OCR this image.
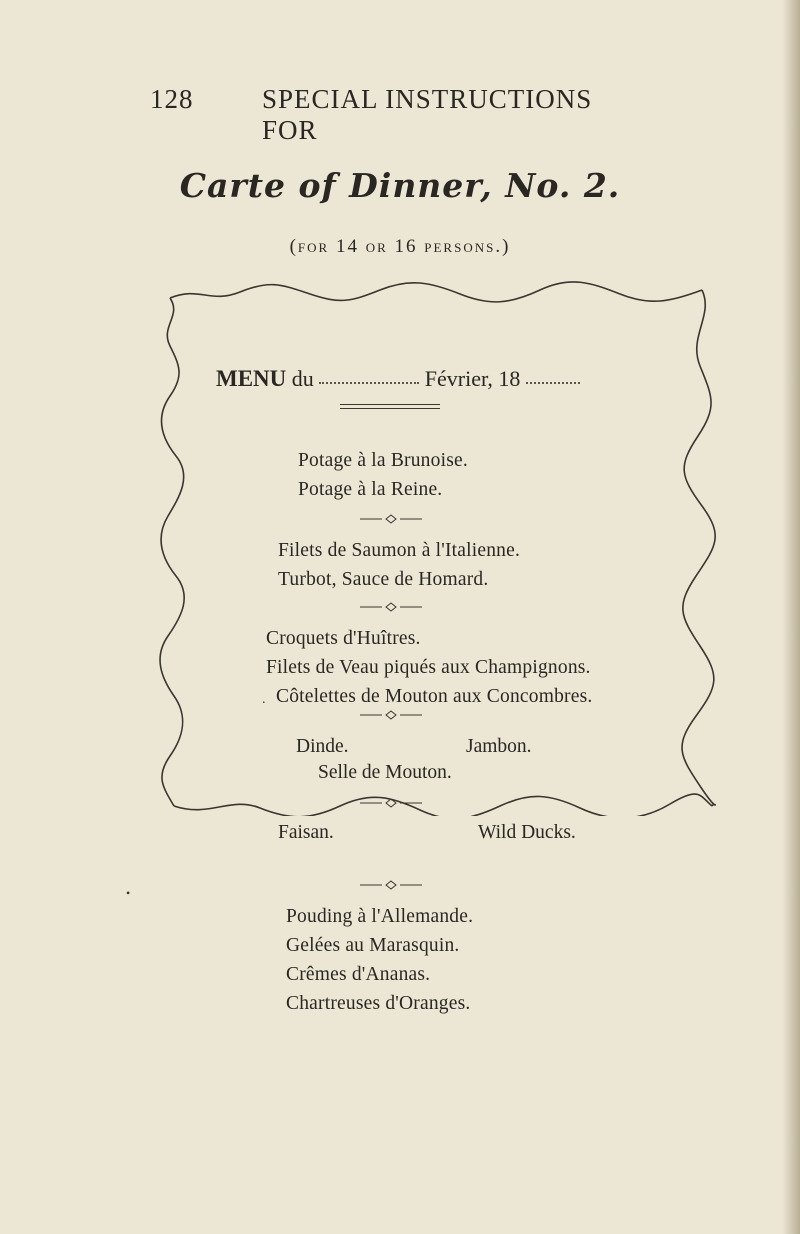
128	SPECIAL INSTRUCTIONS FOR
Carte of Dinner, No. 2.
(for 14 or 16 persons.)
MENU du	Février, 18
Potage à la Brunoise.
Potage à la Reine.
Filets de Saumon à l'Italienne.
Turbot, Sauce de Homard.
Croquets d'Huîtres.
Filets de Veau piqués aux Champignons.
Côtelettes de Mouton aux Concombres.
.
Dinde.	Jambon.
Selle de Mouton.
Faisan.	Wild Ducks.
Pouding à l'Allemande.
Gelées au Marasquin.
Crêmes d'Ananas.
Chartreuses d'Oranges.
•
